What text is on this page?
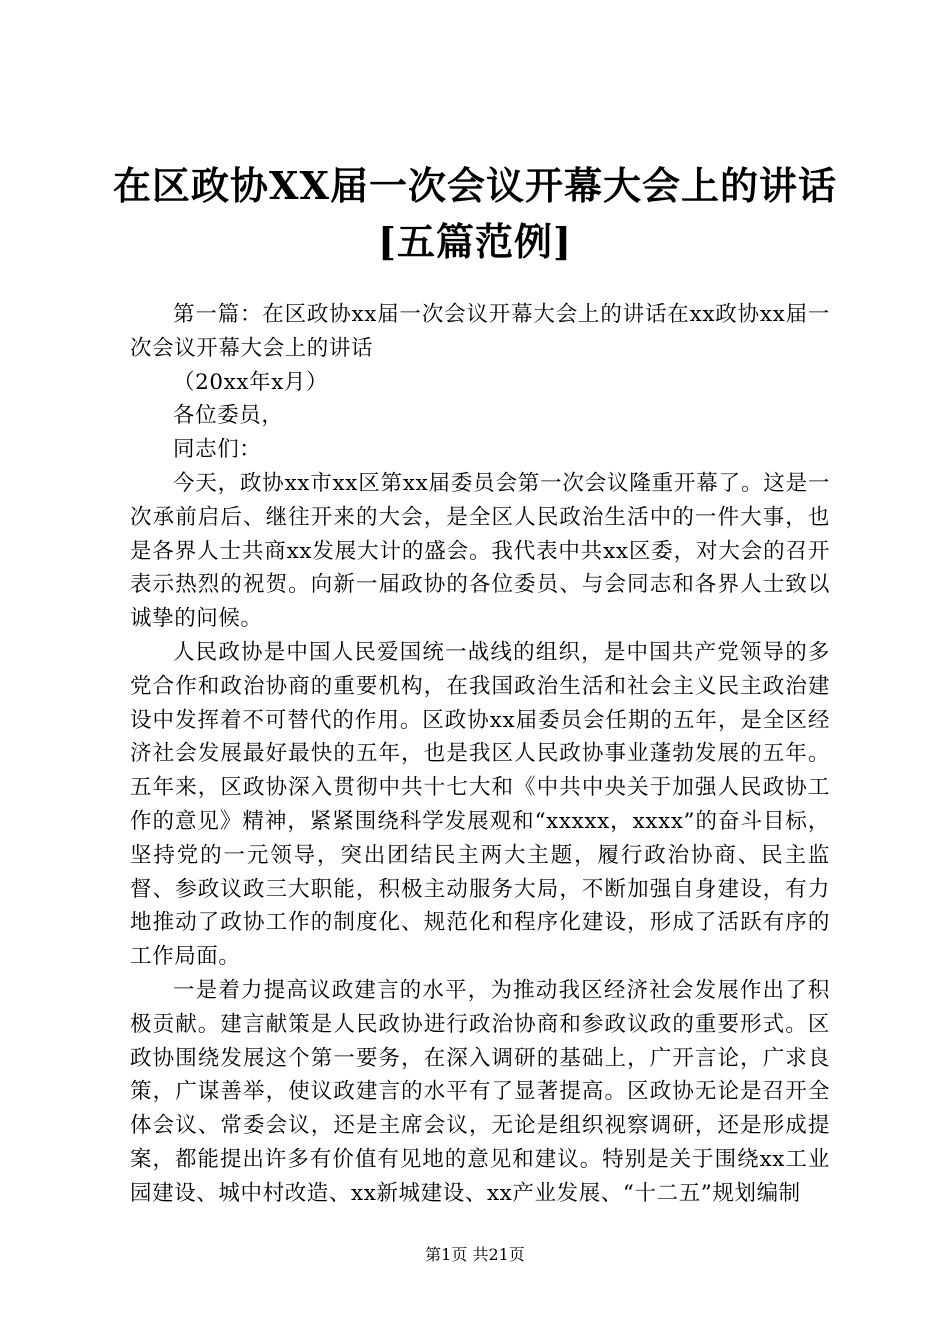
在区政协XX届一次会议开幕大会上的讲话[五篇范例]

第一篇：在区政协xx届一次会议开幕大会上的讲话在xx政协xx届一次会议开幕大会上的讲话

（20xx年x月）

各位委员，

同志们：

今天，政协xx市xx区第xx届委员会第一次会议隆重开幕了。这是一次承前启后、继往开来的大会，是全区人民政治生活中的一件大事，也是各界人士共商xx发展大计的盛会。我代表中共xx区委，对大会的召开表示热烈的祝贺。向新一届政协的各位委员、与会同志和各界人士致以诚挚的问候。

人民政协是中国人民爱国统一战线的组织，是中国共产党领导的多党合作和政治协商的重要机构，在我国政治生活和社会主义民主政治建设中发挥着不可替代的作用。区政协xx届委员会任期的五年，是全区经济社会发展最好最快的五年，也是我区人民政协事业蓬勃发展的五年。五年来，区政协深入贯彻中共十七大和《中共中央关于加强人民政协工作的意见》精神，紧紧围绕科学发展观和“xxxxx，xxxx”的奋斗目标，坚持党的一元领导，突出团结民主两大主题，履行政治协商、民主监督、参政议政三大职能，积极主动服务大局，不断加强自身建设，有力地推动了政协工作的制度化、规范化和程序化建设，形成了活跃有序的工作局面。

一是着力提高议政建言的水平，为推动我区经济社会发展作出了积极贡献。建言献策是人民政协进行政治协商和参政议政的重要形式。区政协围绕发展这个第一要务，在深入调研的基础上，广开言论，广求良策，广谋善举，使议政建言的水平有了显著提高。区政协无论是召开全体会议、常委会议，还是主席会议，无论是组织视察调研，还是形成提案，都能提出许多有价值有见地的意见和建议。特别是关于围绕xx工业园建设、城中村改造、xx新城建设、xx产业发展、“十二五”规划编制

第1页 共21页
